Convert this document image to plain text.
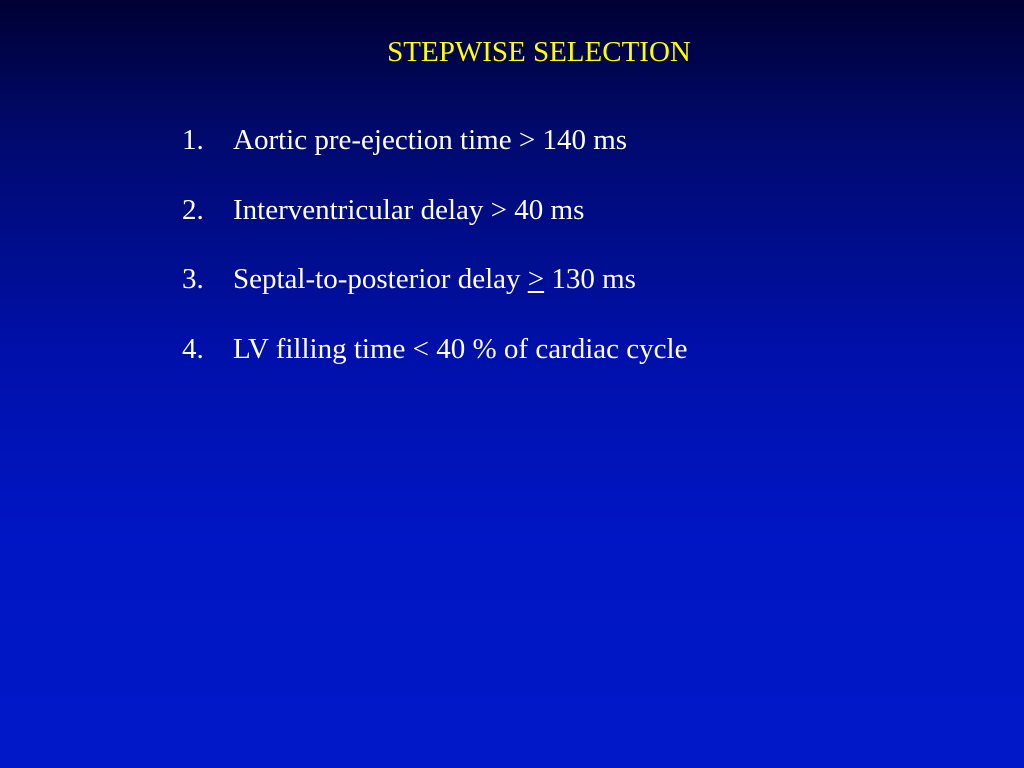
STEPWISE SELECTION
1. Aortic pre-ejection time > 140 ms
2. Interventricular delay > 40 ms
3. Septal-to-posterior delay > 130 ms
4. LV filling time < 40 % of cardiac cycle
